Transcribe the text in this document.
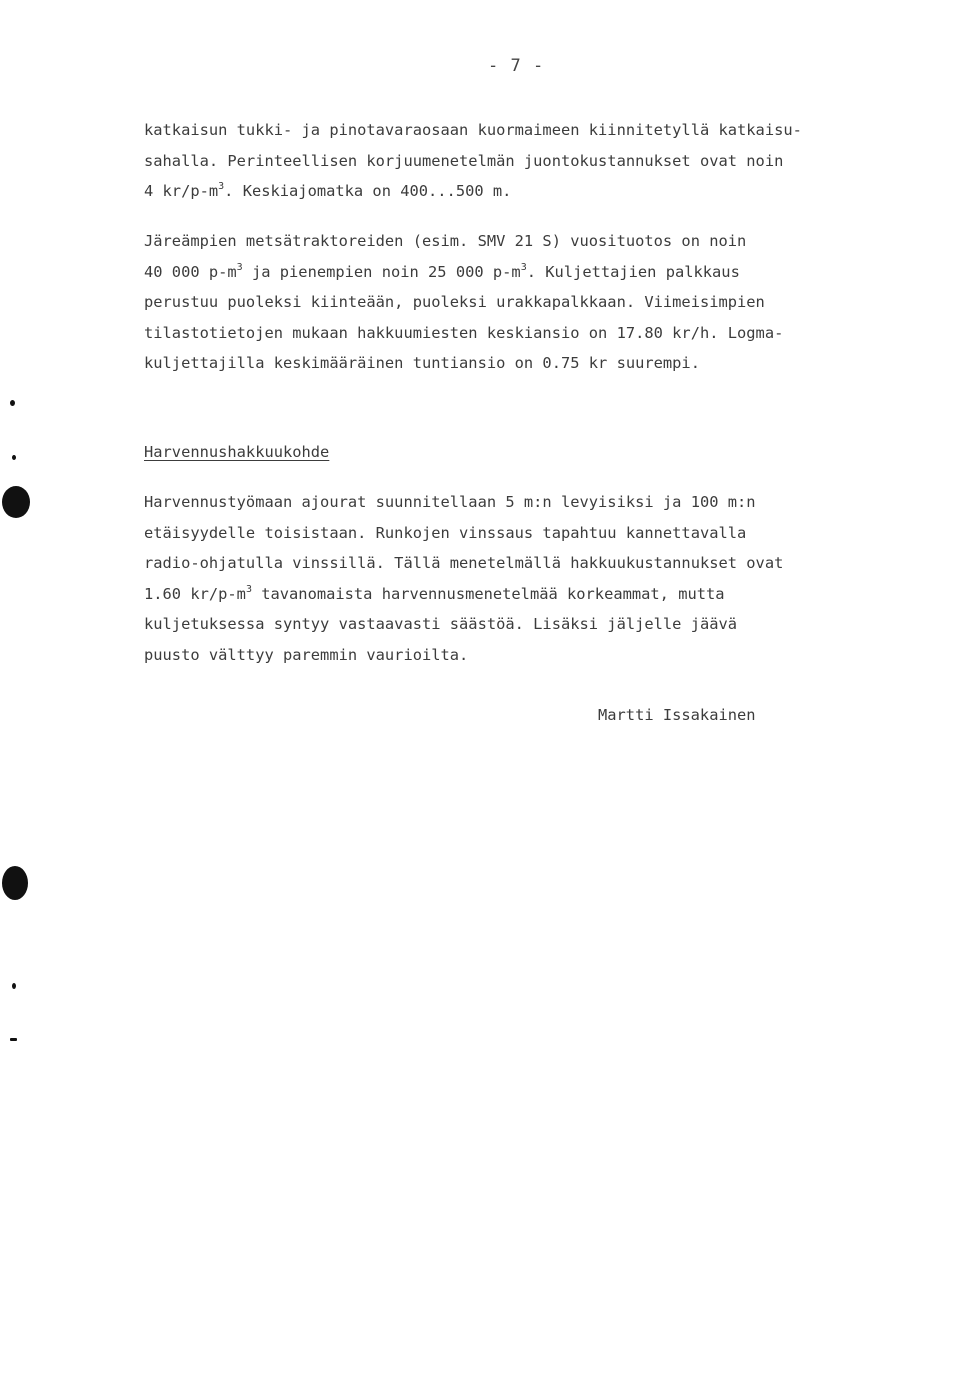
- 7 -
katkaisun tukki- ja pinotavaraosaan kuormaimeen kiinnitetyllä katkaisu-
sahalla. Perinteellisen korjuumenetelmän juontokustannukset ovat noin
4 $kr/p-m^3$. Keskiajomatka on 400...500 m.
Järeämpien metsätraktoreiden (esim. SMV 21 S) vuosituotos on noin
40 000 $p-m^3$ ja pienempien noin 25 000 $p-m^3$. Kuljettajien palkkaus
perustuu puoleksi kiinteään, puoleksi urakkapalkkaan. Viimeisimpien
tilastotietojen mukaan hakkuumiesten keskiansio on 17.80 kr/h. Logma-
kuljettajilla keskimääräinen tuntiansio on 0.75 kr suurempi.
Harvennushakkuukohde
Harvennustyömaan ajourat suunnitellaan 5 m:n levyisiksi ja 100 m:n
etäisyydelle toisistaan. Runkojen vinssaus tapahtuu kannettavalla
radio-ohjatulla vinssillä. Tällä menetelmällä hakkuukustannukset ovat
1.60 $kr/p-m^3$ tavanomaista harvennusmenetelmää korkeammat, mutta
kuljetuksessa syntyy vastaavasti säästöä. Lisäksi jäljelle jäävä
puusto välttyy paremmin vaurioilta.
Martti Issakainen
